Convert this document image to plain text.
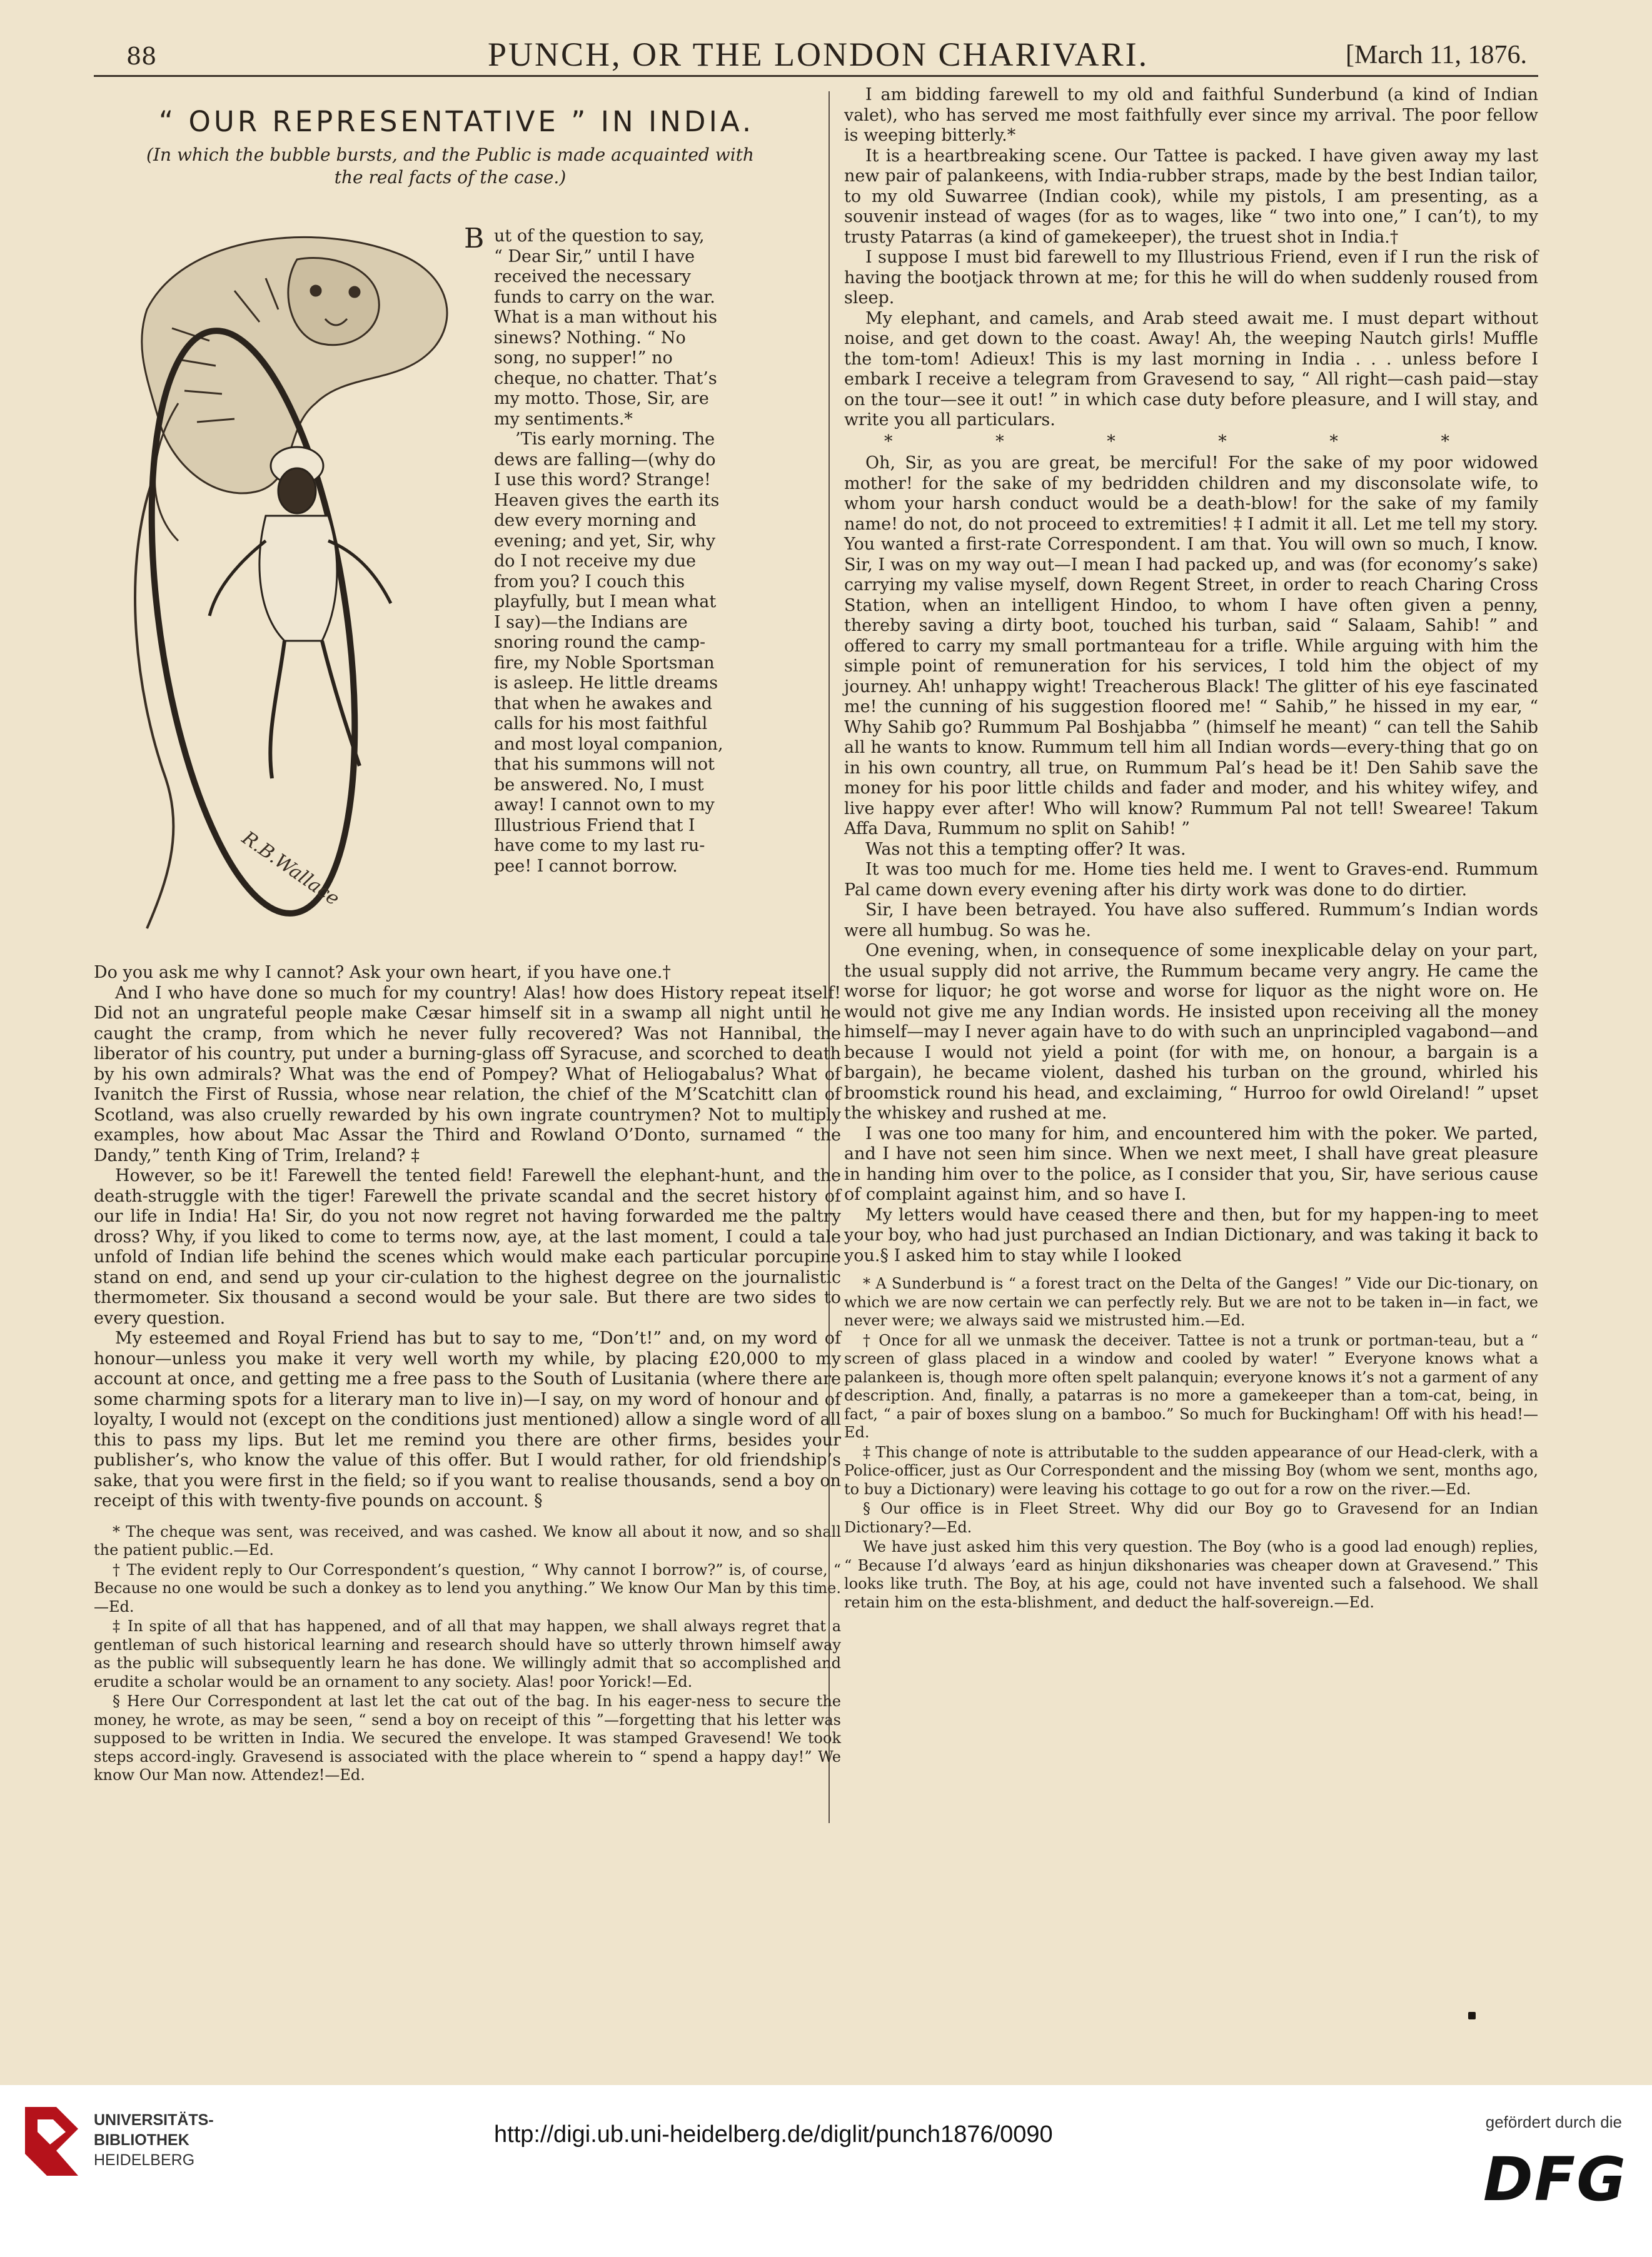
88	PUNCH, OR THE LONDON CHARIVARI.	[March 11, 1876.
“ OUR REPRESENTATIVE ” IN INDIA.
(In which the bubble bursts, and the Public is made acquainted with
the real facts of the case.)
R.B.Wallace
B ut of the question to say,
“ Dear Sir,” until I have
received the necessary
funds to carry on the war.
What is a man without his
sinews? Nothing. “ No
song, no supper!” no
cheque, no chatter. That’s
my motto. Those, Sir, are
my sentiments.*
’Tis early morning. The
dews are falling—(why do
I use this word? Strange!
Heaven gives the earth its
dew every morning and
evening; and yet, Sir, why
do I not receive my due
from you? I couch this
playfully, but I mean what
I say)—the Indians are
snoring round the camp-
fire, my Noble Sportsman
is asleep. He little dreams
that when he awakes and
calls for his most faithful
and most loyal companion,
that his summons will not
be answered. No, I must
away! I cannot own to my
Illustrious Friend that I
have come to my last ru-
pee! I cannot borrow.

Do you ask me why I cannot? Ask your own heart, if you have one.†

And I who have done so much for my country! Alas! how does History repeat itself! Did not an ungrateful people make Cæsar himself sit in a swamp all night until he caught the cramp, from which he never fully recovered? Was not Hannibal, the liberator of his country, put under a burning-glass off Syracuse, and scorched to death by his own admirals? What was the end of Pompey? What of Heliogabalus? What of Ivanitch the First of Russia, whose near relation, the chief of the M’Scatchitt clan of Scotland, was also cruelly rewarded by his own ingrate countrymen? Not to multiply examples, how about Mac Assar the Third and Rowland O’Donto, surnamed “ the Dandy,” tenth King of Trim, Ireland? ‡

However, so be it! Farewell the tented field! Farewell the elephant-hunt, and the death-struggle with the tiger! Farewell the private scandal and the secret history of our life in India! Ha! Sir, do you not now regret not having forwarded me the paltry dross? Why, if you liked to come to terms now, aye, at the last moment, I could a tale unfold of Indian life behind the scenes which would make each particular porcupine stand on end, and send up your cir-culation to the highest degree on the journalistic thermometer. Six thousand a second would be your sale. But there are two sides to every question.

My esteemed and Royal Friend has but to say to me, “Don’t!” and, on my word of honour—unless you make it very well worth my while, by placing £20,000 to my account at once, and getting me a free pass to the South of Lusitania (where there are some charming spots for a literary man to live in)—I say, on my word of honour and of loyalty, I would not (except on the conditions just mentioned) allow a single word of all this to pass my lips. But let me remind you there are other firms, besides your publisher’s, who know the value of this offer. But I would rather, for old friendship’s sake, that you were first in the field; so if you want to realise thousands, send a boy on receipt of this with twenty-five pounds on account. §

* The cheque was sent, was received, and was cashed. We know all about it now, and so shall the patient public.—Ed.

† The evident reply to Our Correspondent’s question, “ Why cannot I borrow?” is, of course, “ Because no one would be such a donkey as to lend you anything.” We know Our Man by this time.—Ed.

‡ In spite of all that has happened, and of all that may happen, we shall always regret that a gentleman of such historical learning and research should have so utterly thrown himself away as the public will subsequently learn he has done. We willingly admit that so accomplished and erudite a scholar would be an ornament to any society. Alas! poor Yorick!—Ed.

§ Here Our Correspondent at last let the cat out of the bag. In his eager-ness to secure the money, he wrote, as may be seen, “ send a boy on receipt of this ”—forgetting that his letter was supposed to be written in India. We secured the envelope. It was stamped Gravesend! We took steps accord-ingly. Gravesend is associated with the place wherein to “ spend a happy day!” We know Our Man now. Attendez!—Ed.

I am bidding farewell to my old and faithful Sunderbund (a kind of Indian valet), who has served me most faithfully ever since my arrival. The poor fellow is weeping bitterly.*

It is a heartbreaking scene. Our Tattee is packed. I have given away my last new pair of palankeens, with India-rubber straps, made by the best Indian tailor, to my old Suwarree (Indian cook), while my pistols, I am presenting, as a souvenir instead of wages (for as to wages, like “ two into one,” I can’t), to my trusty Patarras (a kind of gamekeeper), the truest shot in India.†

I suppose I must bid farewell to my Illustrious Friend, even if I run the risk of having the bootjack thrown at me; for this he will do when suddenly roused from sleep.

My elephant, and camels, and Arab steed await me. I must depart without noise, and get down to the coast. Away! Ah, the weeping Nautch girls! Muffle the tom-tom! Adieux! This is my last morning in India . . . unless before I embark I receive a telegram from Gravesend to say, “ All right—cash paid—stay on the tour—see it out! ” in which case duty before pleasure, and I will stay, and write you all particulars.

* * * * * *

Oh, Sir, as you are great, be merciful! For the sake of my poor widowed mother! for the sake of my bedridden children and my disconsolate wife, to whom your harsh conduct would be a death-blow! for the sake of my family name! do not, do not proceed to extremities! ‡ I admit it all. Let me tell my story. You wanted a first-rate Correspondent. I am that. You will own so much, I know. Sir, I was on my way out—I mean I had packed up, and was (for economy’s sake) carrying my valise myself, down Regent Street, in order to reach Charing Cross Station, when an intelligent Hindoo, to whom I have often given a penny, thereby saving a dirty boot, touched his turban, said “ Salaam, Sahib! ” and offered to carry my small portmanteau for a trifle. While arguing with him the simple point of remuneration for his services, I told him the object of my journey. Ah! unhappy wight! Treacherous Black! The glitter of his eye fascinated me! the cunning of his suggestion floored me! “ Sahib,” he hissed in my ear, “ Why Sahib go? Rummum Pal Boshjabba ” (himself he meant) “ can tell the Sahib all he wants to know. Rummum tell him all Indian words—every-thing that go on in his own country, all true, on Rummum Pal’s head be it! Den Sahib save the money for his poor little childs and fader and moder, and his whitey wifey, and live happy ever after! Who will know? Rummum Pal not tell! Swearee! Takum Affa Dava, Rummum no split on Sahib! ”

Was not this a tempting offer? It was.

It was too much for me. Home ties held me. I went to Graves-end. Rummum Pal came down every evening after his dirty work was done to do dirtier.

Sir, I have been betrayed. You have also suffered. Rummum’s Indian words were all humbug. So was he.

One evening, when, in consequence of some inexplicable delay on your part, the usual supply did not arrive, the Rummum became very angry. He came the worse for liquor; he got worse and worse for liquor as the night wore on. He would not give me any Indian words. He insisted upon receiving all the money himself—may I never again have to do with such an unprincipled vagabond—and because I would not yield a point (for with me, on honour, a bargain is a bargain), he became violent, dashed his turban on the ground, whirled his broomstick round his head, and exclaiming, “ Hurroo for owld Oireland! ” upset the whiskey and rushed at me.

I was one too many for him, and encountered him with the poker. We parted, and I have not seen him since. When we next meet, I shall have great pleasure in handing him over to the police, as I consider that you, Sir, have serious cause of complaint against him, and so have I.

My letters would have ceased there and then, but for my happen-ing to meet your boy, who had just purchased an Indian Dictionary, and was taking it back to you.§ I asked him to stay while I looked

* A Sunderbund is “ a forest tract on the Delta of the Ganges! ” Vide our Dic-tionary, on which we are now certain we can perfectly rely. But we are not to be taken in—in fact, we never were; we always said we mistrusted him.—Ed.

† Once for all we unmask the deceiver. Tattee is not a trunk or portman-teau, but a “ screen of glass placed in a window and cooled by water! ” Everyone knows what a palankeen is, though more often spelt palanquin; everyone knows it’s not a garment of any description. And, finally, a patarras is no more a gamekeeper than a tom-cat, being, in fact, “ a pair of boxes slung on a bamboo.” So much for Buckingham! Off with his head!—Ed.

‡ This change of note is attributable to the sudden appearance of our Head-clerk, with a Police-officer, just as Our Correspondent and the missing Boy (whom we sent, months ago, to buy a Dictionary) were leaving his cottage to go out for a row on the river.—Ed.

§ Our office is in Fleet Street. Why did our Boy go to Gravesend for an Indian Dictionary?—Ed.

We have just asked him this very question. The Boy (who is a good lad enough) replies, “ Because I’d always ’eard as hinjun dikshonaries was cheaper down at Gravesend.” This looks like truth. The Boy, at his age, could not have invented such a falsehood. We shall retain him on the esta-blishment, and deduct the half-sovereign.—Ed.

UNIVERSITÄTS-
BIBLIOTHEK
HEIDELBERG
http://digi.ub.uni-heidelberg.de/diglit/punch1876/0090	gefördert durch die
DFG
